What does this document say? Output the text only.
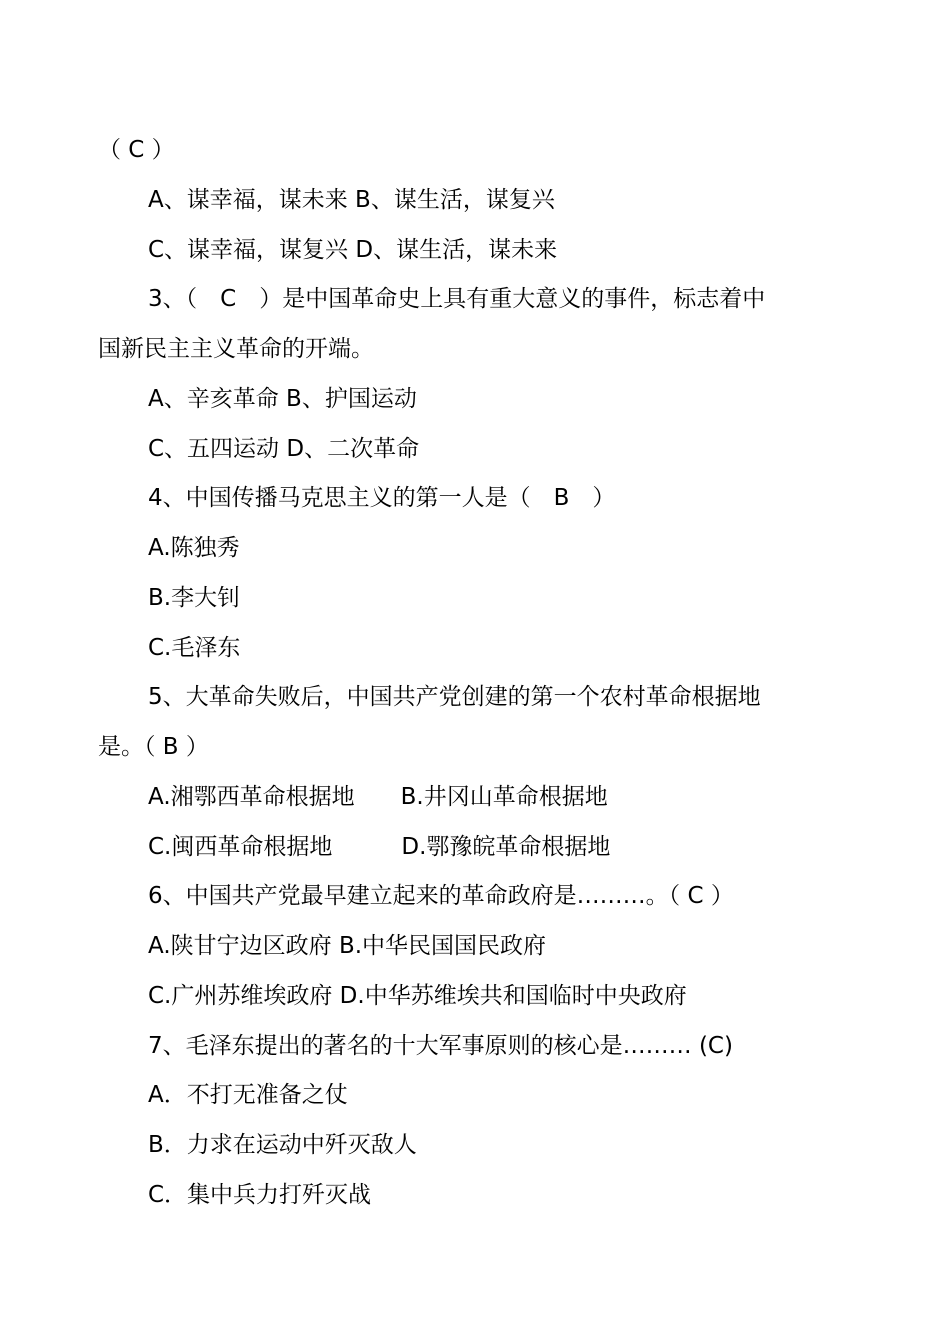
（ C ）
A、谋幸福，谋未来 B、谋生活，谋复兴
C、谋幸福，谋复兴 D、谋生活，谋未来
3、（　C　）是中国革命史上具有重大意义的事件，标志着中
国新民主主义革命的开端。
A、辛亥革命 B、护国运动
C、五四运动 D、二次革命
4、中国传播马克思主义的第一人是（　B　）
A.陈独秀
B.李大钊
C.毛泽东
5、大革命失败后，中国共产党创建的第一个农村革命根据地
是。（ B ）
A.湘鄂西革命根据地　　B.井冈山革命根据地
C.闽西革命根据地　　　D.鄂豫皖革命根据地
6、中国共产党最早建立起来的革命政府是………。（ C ）
A.陕甘宁边区政府 B.中华民国国民政府
C.广州苏维埃政府 D.中华苏维埃共和国临时中央政府
7、毛泽东提出的著名的十大军事原则的核心是……… (C)
A．不打无准备之仗
B．力求在运动中歼灭敌人
C．集中兵力打歼灭战
